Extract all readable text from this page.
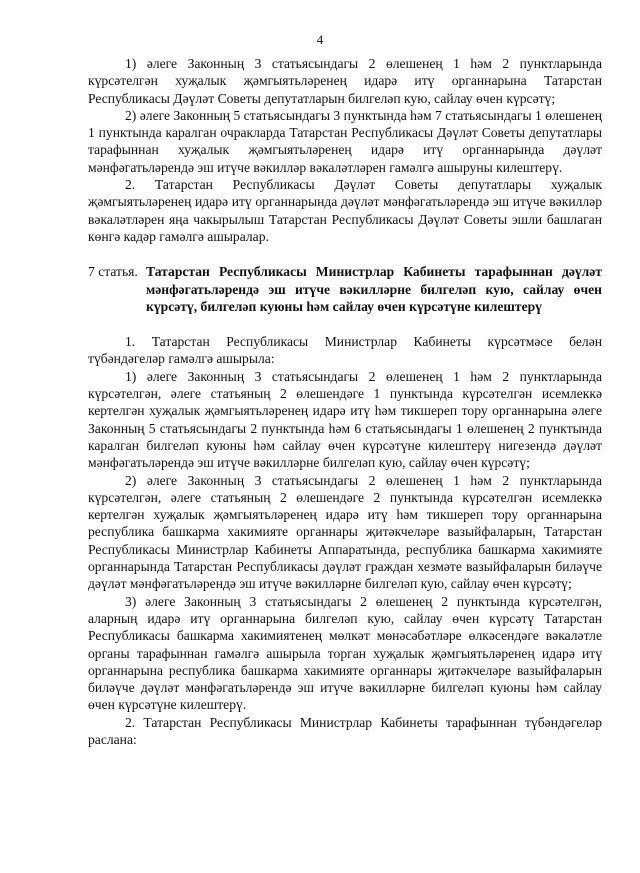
4

1) әлеге Законның 3 статьясындагы 2 өлешенең 1 һәм 2 пунктларында күрсәтелгән хуҗалык җәмгыятьләренең идарә итү органнарына Татарстан Республикасы Дәүләт Советы депутатларын билгеләп кую, сайлау өчен күрсәтү;

2) әлеге Законның 5 статьясындагы 3 пунктында һәм 7 статьясындагы 1 өлешенең 1 пунктында каралган очракларда Татарстан Республикасы Дәүләт Советы депутатлары тарафыннан хуҗалык җәмгыятьләренең идарә итү органнарында дәүләт мәнфәгатьләрендә эш итүче вәкилләр вәкаләтләрен гамәлгә ашыруны килештерү.

2. Татарстан Республикасы Дәүләт Советы депутатлары хуҗалык җәмгыятьләренең идарә итү органнарында дәүләт мәнфәгатьләрендә эш итүче вәкилләр вәкаләтләрен яңа чакырылыш Татарстан Республикасы Дәүләт Советы эшли башлаган көнгә кадәр гамәлгә ашыралар.

7 статья. Татарстан Республикасы Министрлар Кабинеты тарафыннан дәүләт мәнфәгатьләрендә эш итүче вәкилләрне билгеләп кую, сайлау өчен күрсәтү, билгеләп куюны һәм сайлау өчен күрсәтүне килештерү

1. Татарстан Республикасы Министрлар Кабинеты күрсәтмәсе белән түбәндәгеләр гамәлгә ашырыла:

1) әлеге Законның 3 статьясындагы 2 өлешенең 1 һәм 2 пунктларында күрсәтелгән, әлеге статьяның 2 өлешендәге 1 пунктында күрсәтелгән исемлеккә кертелгән хуҗалык җәмгыятьләренең идарә итү һәм тикшереп тору органнарына әлеге Законның 5 статьясындагы 2 пунктында һәм 6 статьясындагы 1 өлешенең 2 пунктында каралган билгеләп куюны һәм сайлау өчен күрсәтүне килештерү нигезендә дәүләт мәнфәгатьләрендә эш итүче вәкилләрне билгеләп кую, сайлау өчен күрсәтү;

2) әлеге Законның 3 статьясындагы 2 өлешенең 1 һәм 2 пунктларында күрсәтелгән, әлеге статьяның 2 өлешендәге 2 пунктында күрсәтелгән исемлеккә кертелгән хуҗалык җәмгыятьләренең идарә итү һәм тикшереп тору органнарына республика башкарма хакимияте органнары җитәкчеләре вазыйфаларын, Татарстан Республикасы Министрлар Кабинеты Аппаратында, республика башкарма хакимияте органнарында Татарстан Республикасы дәүләт граждан хезмәте вазыйфаларын биләүче дәүләт мәнфәгатьләрендә эш итүче вәкилләрне билгеләп кую, сайлау өчен күрсәтү;

3) әлеге Законның 3 статьясындагы 2 өлешенең 2 пунктында күрсәтелгән, аларның идарә итү органнарына билгеләп кую, сайлау өчен күрсәтү Татарстан Республикасы башкарма хакимиятенең мөлкәт мөнәсәбәтләре өлкәсендәге вәкаләтле органы тарафыннан гамәлгә ашырыла торган хуҗалык җәмгыятьләренең идарә итү органнарына республика башкарма хакимияте органнары җитәкчеләре вазыйфаларын биләүче дәүләт мәнфәгатьләрендә эш итүче вәкилләрне билгеләп куюны һәм сайлау өчен күрсәтүне килештерү.

2. Татарстан Республикасы Министрлар Кабинеты тарафыннан түбәндәгеләр раслана:
